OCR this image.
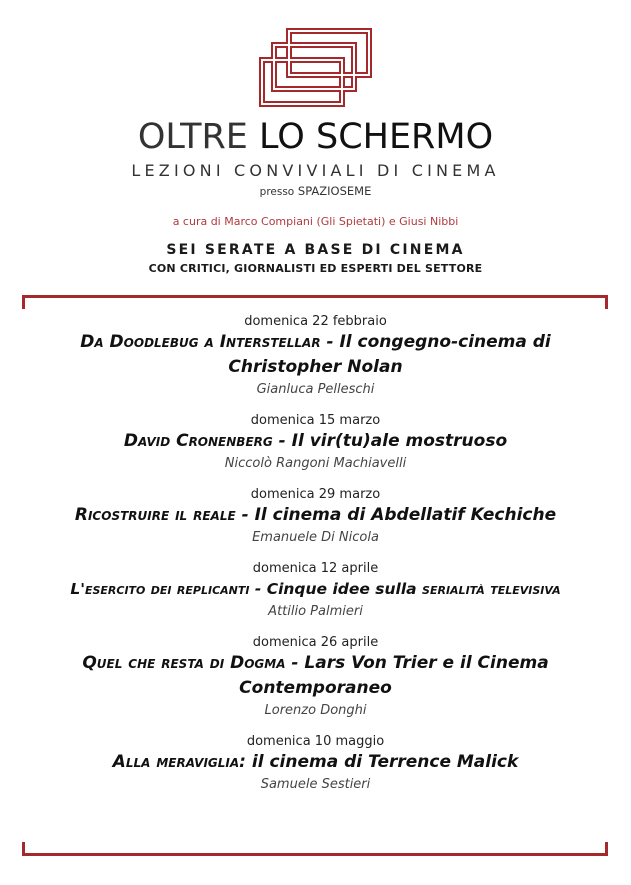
OLTRE LO SCHERMO
LEZIONI CONVIVIALI DI CINEMA
presso SPAZIOSEME
a cura di Marco Compiani (Gli Spietati) e Giusi Nibbi
SEI SERATE A BASE DI CINEMA
CON CRITICI, GIORNALISTI ED ESPERTI DEL SETTORE
domenica 22 febbraio
Da Doodlebug a Interstellar - Il congegno-cinema di
Christopher Nolan
Gianluca Pelleschi
domenica 15 marzo
David Cronenberg - Il vir(tu)ale mostruoso
Niccolò Rangoni Machiavelli
domenica 29 marzo
Ricostruire il reale - Il cinema di Abdellatif Kechiche
Emanuele Di Nicola
domenica 12 aprile
L'esercito dei replicanti - Cinque idee sulla serialità televisiva
Attilio Palmieri
domenica 26 aprile
Quel che resta di Dogma - Lars Von Trier e il Cinema
Contemporaneo
Lorenzo Donghi
domenica 10 maggio
Alla meraviglia: il cinema di Terrence Malick
Samuele Sestieri
